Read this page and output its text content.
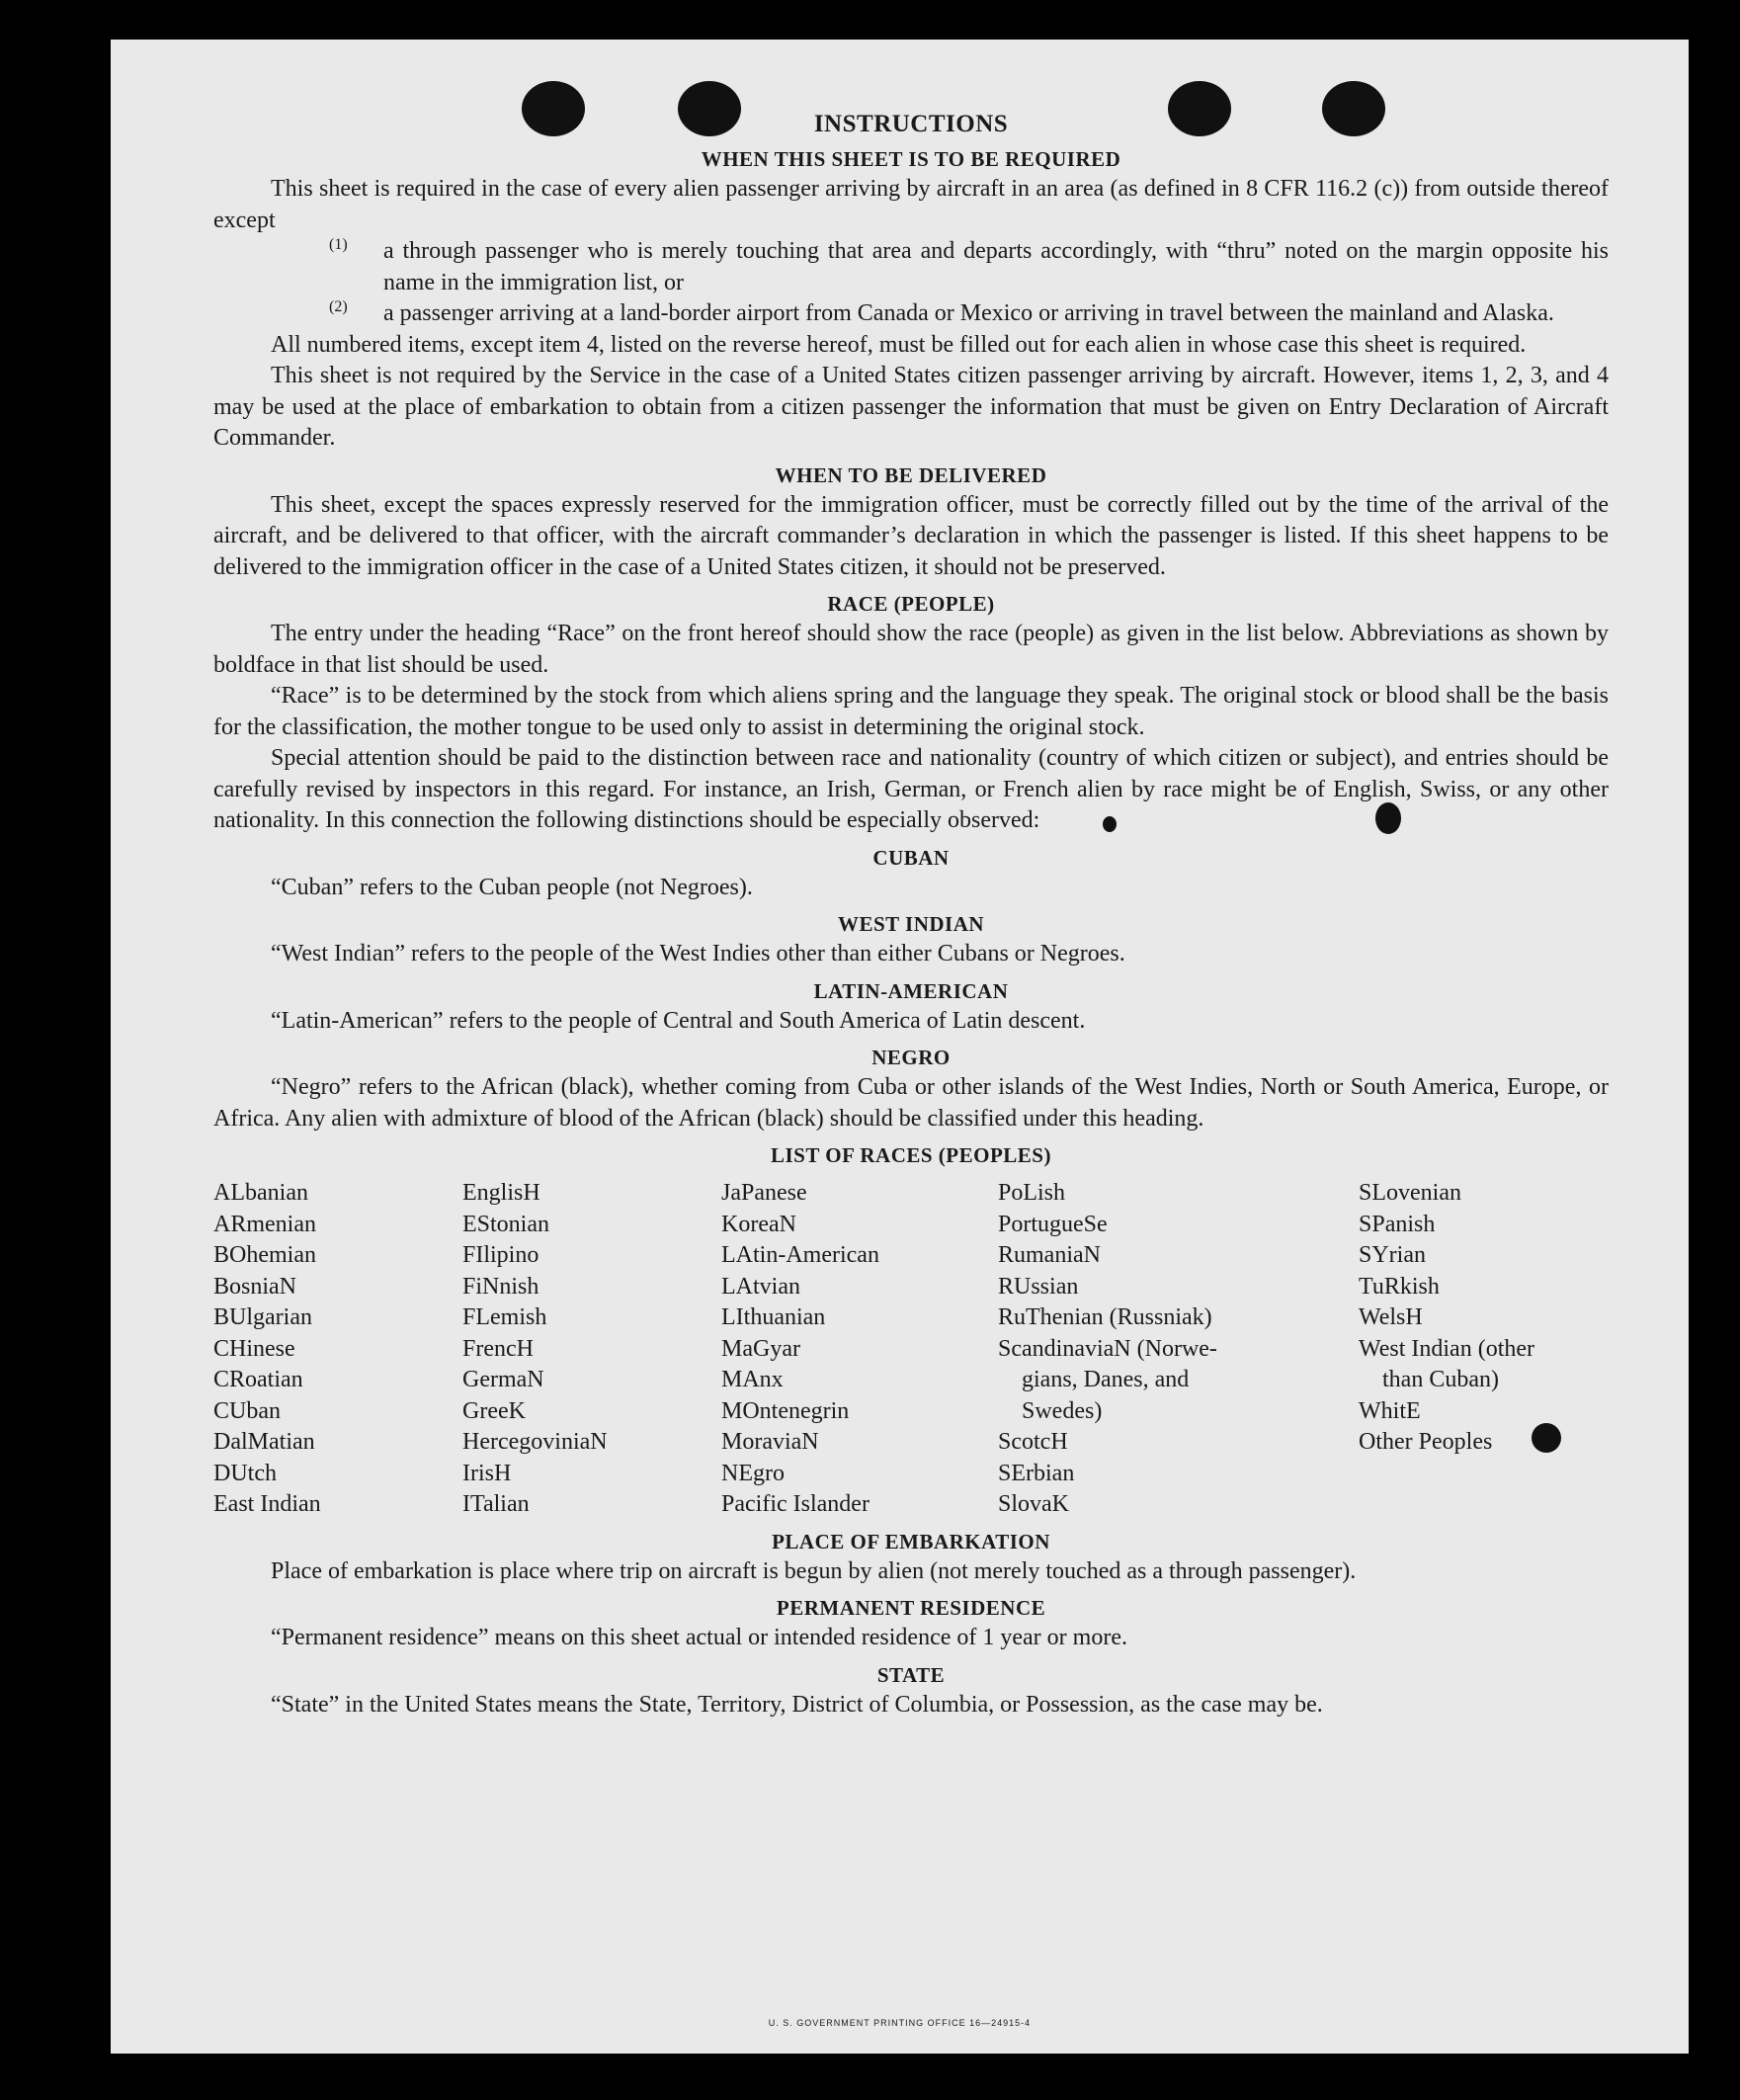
INSTRUCTIONS
WHEN THIS SHEET IS TO BE REQUIRED

This sheet is required in the case of every alien passenger arriving by aircraft in an area (as defined in 8 CFR 116.2 (c)) from outside thereof except

(1)	a through passenger who is merely touching that area and departs accordingly, with “thru” noted on the margin opposite his name in the immigration list, or

(2)	a passenger arriving at a land-border airport from Canada or Mexico or arriving in travel between the mainland and Alaska.

All numbered items, except item 4, listed on the reverse hereof, must be filled out for each alien in whose case this sheet is required.

This sheet is not required by the Service in the case of a United States citizen passenger arriving by aircraft. However, items 1, 2, 3, and 4 may be used at the place of embarkation to obtain from a citizen passenger the information that must be given on Entry Declaration of Aircraft Commander.

WHEN TO BE DELIVERED

This sheet, except the spaces expressly reserved for the immigration officer, must be correctly filled out by the time of the arrival of the aircraft, and be delivered to that officer, with the aircraft commander’s declaration in which the passenger is listed. If this sheet happens to be delivered to the immigration officer in the case of a United States citizen, it should not be preserved.

RACE (PEOPLE)

The entry under the heading “Race” on the front hereof should show the race (people) as given in the list below. Abbreviations as shown by boldface in that list should be used.

“Race” is to be determined by the stock from which aliens spring and the language they speak. The original stock or blood shall be the basis for the classification, the mother tongue to be used only to assist in determining the original stock.

Special attention should be paid to the distinction between race and nationality (country of which citizen or subject), and entries should be carefully revised by inspectors in this regard. For instance, an Irish, German, or French alien by race might be of English, Swiss, or any other nationality. In this connection the following distinctions should be especially observed:

CUBAN

“Cuban” refers to the Cuban people (not Negroes).

WEST INDIAN

“West Indian” refers to the people of the West Indies other than either Cubans or Negroes.

LATIN-AMERICAN

“Latin-American” refers to the people of Central and South America of Latin descent.

NEGRO

“Negro” refers to the African (black), whether coming from Cuba or other islands of the West Indies, North or South America, Europe, or Africa. Any alien with admixture of blood of the African (black) should be classified under this heading.

LIST OF RACES (PEOPLES)
ALbanian
ARmenian
BOhemian
BosniaN
BUlgarian
CHinese
CRoatian
CUban
DalMatian
DUtch
East Indian
EnglisH
EStonian
FIlipino
FiNnish
FLemish
FrencH
GermaN
GreeK
HercegoviniaN
IrisH
ITalian
JaPanese
KoreaN
LAtin-American
LAtvian
LIthuanian
MaGyar
MAnx
MOntenegrin
MoraviaN
NEgro
Pacific Islander
PoLish
PortugueSe
RumaniaN
RUssian
RuThenian (Russniak)
ScandinaviaN (Norwe-
gians, Danes, and
Swedes)
ScotcH
SErbian
SlovaK
SLovenian
SPanish
SYrian
TuRkish
WelsH
West Indian (other
than Cuban)
WhitE
Other Peoples
PLACE OF EMBARKATION

Place of embarkation is place where trip on aircraft is begun by alien (not merely touched as a through passenger).

PERMANENT RESIDENCE

“Permanent residence” means on this sheet actual or intended residence of 1 year or more.

STATE

“State” in the United States means the State, Territory, District of Columbia, or Possession, as the case may be.

U. S. GOVERNMENT PRINTING OFFICE 16—24915-4
